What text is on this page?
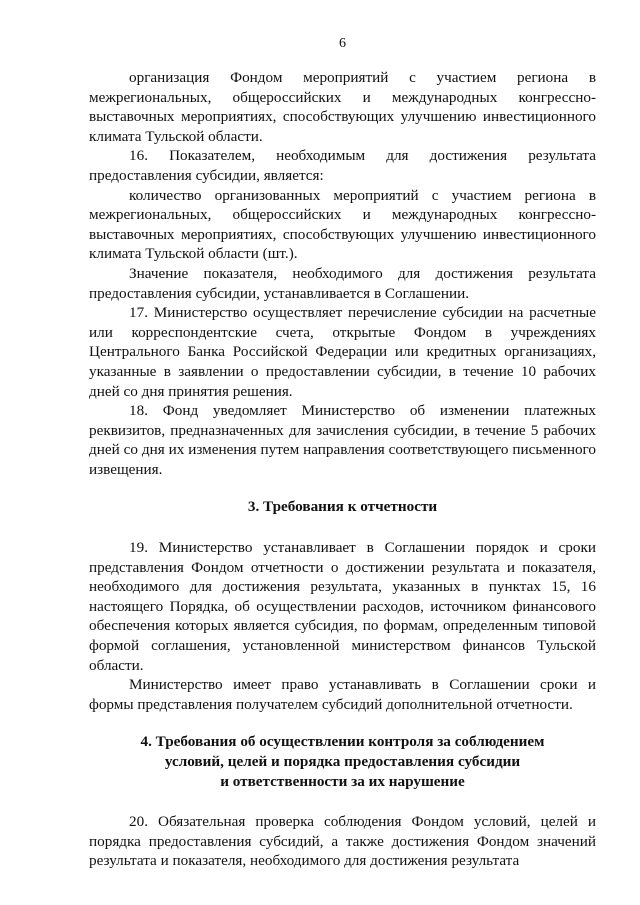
6

организация Фондом мероприятий с участием региона в межрегиональных, общероссийских и международных конгрессно-выставочных мероприятиях, способствующих улучшению инвестиционного климата Тульской области.

16. Показателем, необходимым для достижения результата предоставления субсидии, является:

количество организованных мероприятий с участием региона в межрегиональных, общероссийских и международных конгрессно-выставочных мероприятиях, способствующих улучшению инвестиционного климата Тульской области (шт.).

Значение показателя, необходимого для достижения результата предоставления субсидии, устанавливается в Соглашении.

17. Министерство осуществляет перечисление субсидии на расчетные или корреспондентские счета, открытые Фондом в учреждениях Центрального Банка Российской Федерации или кредитных организациях, указанные в заявлении о предоставлении субсидии, в течение 10 рабочих дней со дня принятия решения.

18. Фонд уведомляет Министерство об изменении платежных реквизитов, предназначенных для зачисления субсидии, в течение 5 рабочих дней со дня их изменения путем направления соответствующего письменного извещения.

3. Требования к отчетности

19. Министерство устанавливает в Соглашении порядок и сроки представления Фондом отчетности о достижении результата и показателя, необходимого для достижения результата, указанных в пунктах 15, 16 настоящего Порядка, об осуществлении расходов, источником финансового обеспечения которых является субсидия, по формам, определенным типовой формой соглашения, установленной министерством финансов Тульской области.

Министерство имеет право устанавливать в Соглашении сроки и формы представления получателем субсидий дополнительной отчетности.

4. Требования об осуществлении контроля за соблюдением
условий, целей и порядка предоставления субсидии
и ответственности за их нарушение

20. Обязательная проверка соблюдения Фондом условий, целей и порядка предоставления субсидий, а также достижения Фондом значений результата и показателя, необходимого для достижения результата
